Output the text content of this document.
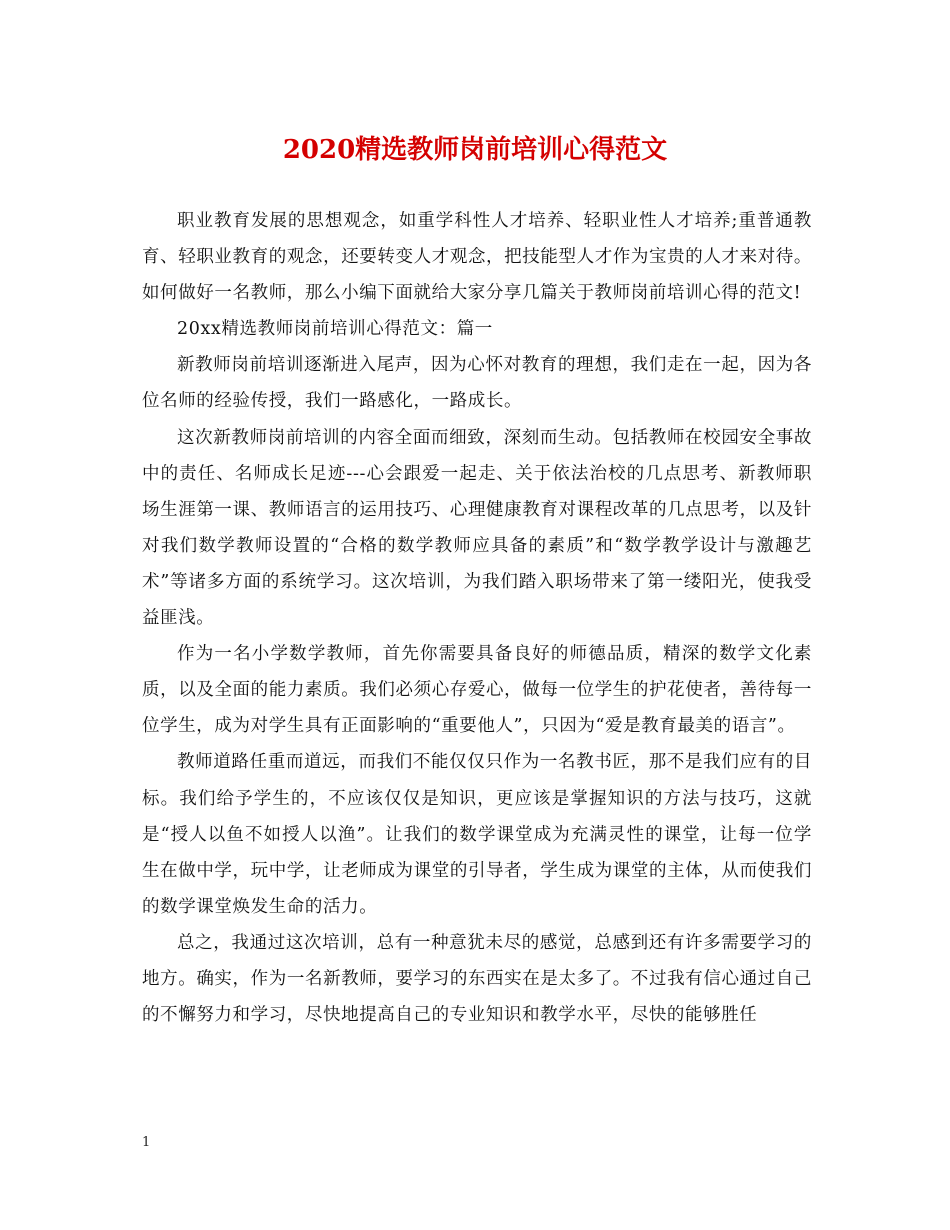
2020精选教师岗前培训心得范文

职业教育发展的思想观念，如重学科性人才培养、轻职业性人才培养;重普通教育、轻职业教育的观念，还要转变人才观念，把技能型人才作为宝贵的人才来对待。如何做好一名教师，那么小编下面就给大家分享几篇关于教师岗前培训心得的范文!

20xx精选教师岗前培训心得范文：篇一

新教师岗前培训逐渐进入尾声，因为心怀对教育的理想，我们走在一起，因为各位名师的经验传授，我们一路感化，一路成长。

这次新教师岗前培训的内容全面而细致，深刻而生动。包括教师在校园安全事故中的责任、名师成长足迹---心会跟爱一起走、关于依法治校的几点思考、新教师职场生涯第一课、教师语言的运用技巧、心理健康教育对课程改革的几点思考，以及针对我们数学教师设置的“合格的数学教师应具备的素质”和“数学教学设计与激趣艺术”等诸多方面的系统学习。这次培训，为我们踏入职场带来了第一缕阳光，使我受益匪浅。

作为一名小学数学教师，首先你需要具备良好的师德品质，精深的数学文化素质，以及全面的能力素质。我们必须心存爱心，做每一位学生的护花使者，善待每一位学生，成为对学生具有正面影响的“重要他人”，只因为“爱是教育最美的语言”。

教师道路任重而道远，而我们不能仅仅只作为一名教书匠，那不是我们应有的目标。我们给予学生的，不应该仅仅是知识，更应该是掌握知识的方法与技巧，这就是“授人以鱼不如授人以渔”。让我们的数学课堂成为充满灵性的课堂，让每一位学生在做中学，玩中学，让老师成为课堂的引导者，学生成为课堂的主体，从而使我们的数学课堂焕发生命的活力。

总之，我通过这次培训，总有一种意犹未尽的感觉，总感到还有许多需要学习的地方。确实，作为一名新教师，要学习的东西实在是太多了。不过我有信心通过自己的不懈努力和学习，尽快地提高自己的专业知识和教学水平，尽快的能够胜任

1
